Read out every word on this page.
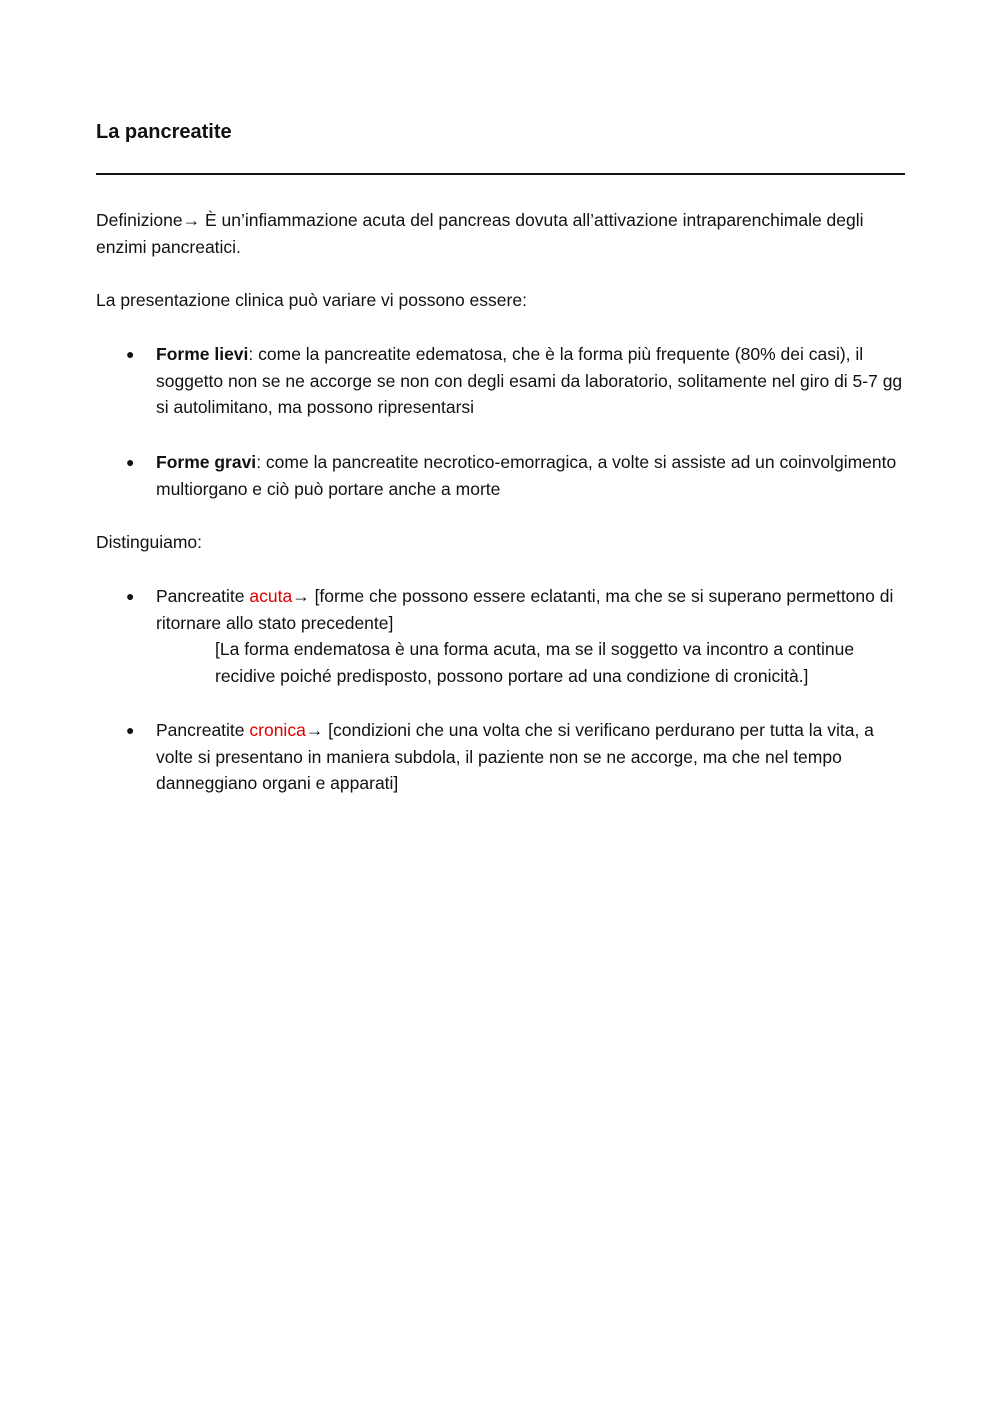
La pancreatite

Definizione→ È un’infiammazione acuta del pancreas dovuta all’attivazione intraparenchimale degli enzimi pancreatici.

La presentazione clinica può variare vi possono essere:

● Forme lievi: come la pancreatite edematosa, che è la forma più frequente (80% dei casi), il soggetto non se ne accorge se non con degli esami da laboratorio, solitamente nel giro di 5-7 gg si autolimitano, ma possono ripresentarsi

● Forme gravi: come la pancreatite necrotico-emorragica, a volte si assiste ad un coinvolgimento multiorgano e ciò può portare anche a morte

Distinguiamo:

● Pancreatite acuta→ [forme che possono essere eclatanti, ma che se si superano permettono di ritornare allo stato precedente]

[La forma endematosa è una forma acuta, ma se il soggetto va incontro a continue recidive poiché predisposto, possono portare ad una condizione di cronicità.]

● Pancreatite cronica→ [condizioni che una volta che si verificano perdurano per tutta la vita, a volte si presentano in maniera subdola, il paziente non se ne accorge, ma che nel tempo danneggiano organi e apparati]
